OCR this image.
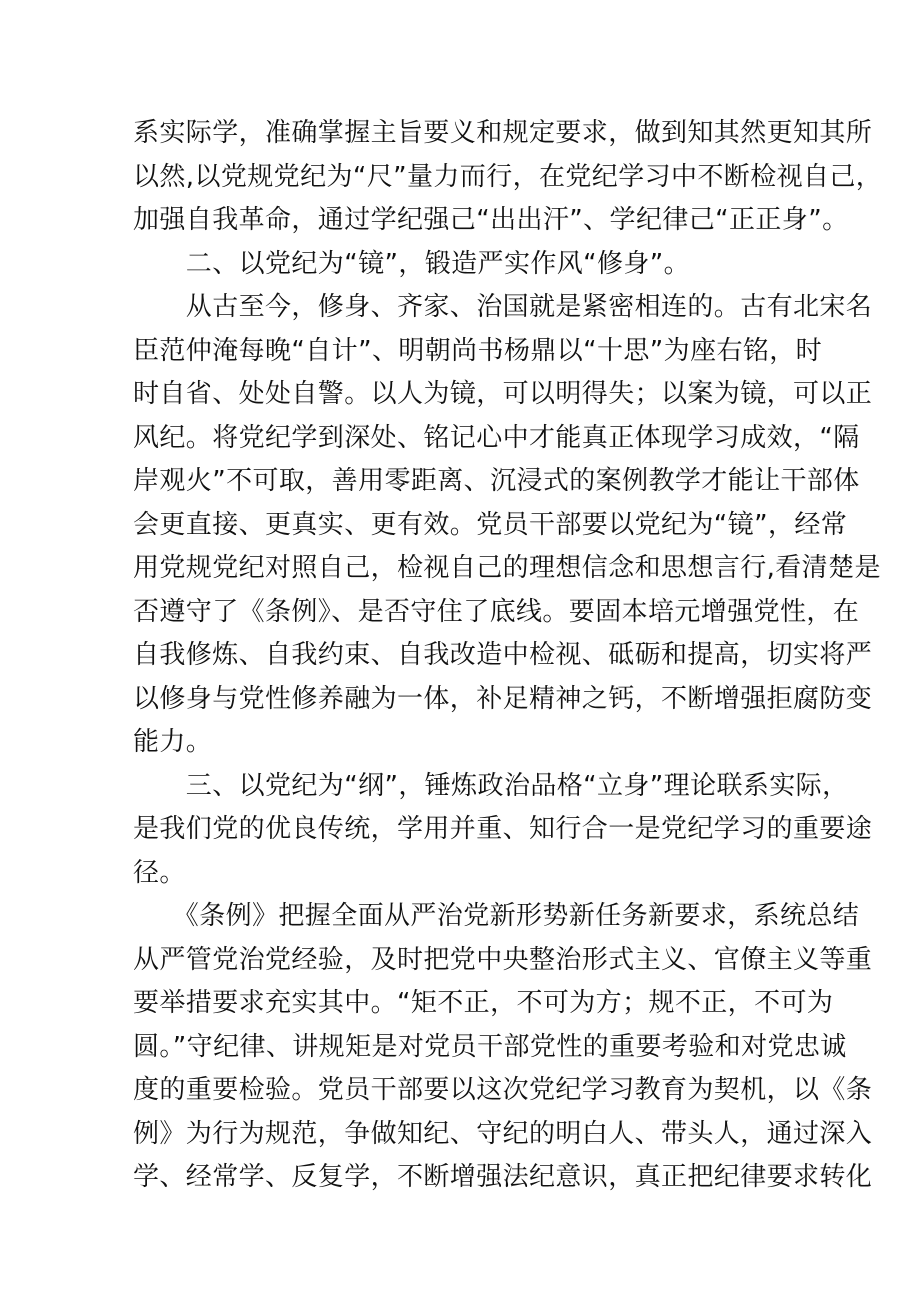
系实际学，准确掌握主旨要义和规定要求，做到知其然更知其所
以然,以党规党纪为“尺”量力而行，在党纪学习中不断检视自己，
加强自我革命，通过学纪强己“出出汗”、学纪律己“正正身”。
　　二、以党纪为“镜”，锻造严实作风“修身”。
　　从古至今，修身、齐家、治国就是紧密相连的。古有北宋名
臣范仲淹每晚“自计”、明朝尚书杨鼎以“十思”为座右铭，时
时自省、处处自警。以人为镜，可以明得失；以案为镜，可以正
风纪。将党纪学到深处、铭记心中才能真正体现学习成效，“隔
岸观火”不可取，善用零距离、沉浸式的案例教学才能让干部体
会更直接、更真实、更有效。党员干部要以党纪为“镜”，经常
用党规党纪对照自己，检视自己的理想信念和思想言行,看清楚是
否遵守了《条例》、是否守住了底线。要固本培元增强党性，在
自我修炼、自我约束、自我改造中检视、砥砺和提高，切实将严
以修身与党性修养融为一体，补足精神之钙，不断增强拒腐防变
能力。
　　三、以党纪为“纲”，锤炼政治品格“立身”理论联系实际，
是我们党的优良传统，学用并重、知行合一是党纪学习的重要途
径。
　　《条例》把握全面从严治党新形势新任务新要求，系统总结
从严管党治党经验，及时把党中央整治形式主义、官僚主义等重
要举措要求充实其中。“矩不正，不可为方；规不正，不可为
圆。”守纪律、讲规矩是对党员干部党性的重要考验和对党忠诚
度的重要检验。党员干部要以这次党纪学习教育为契机，以《条
例》为行为规范，争做知纪、守纪的明白人、带头人，通过深入
学、经常学、反复学，不断增强法纪意识，真正把纪律要求转化
